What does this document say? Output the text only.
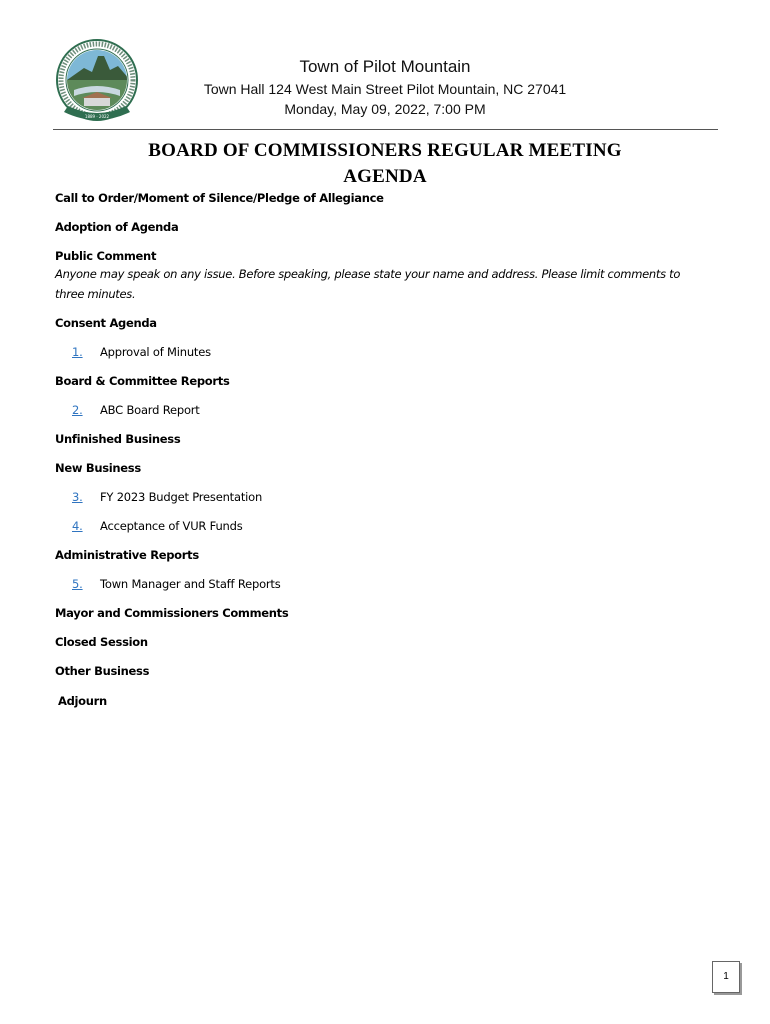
1889 · 2022
Town of Pilot Mountain
Town Hall 124 West Main Street Pilot Mountain, NC 27041
Monday, May 09, 2022, 7:00 PM
BOARD OF COMMISSIONERS REGULAR MEETING
AGENDA
Call to Order/Moment of Silence/Pledge of Allegiance
Adoption of Agenda
Public Comment
Anyone may speak on any issue. Before speaking, please state your name and address. Please limit comments to three minutes.
Consent Agenda
1. Approval of Minutes
Board & Committee Reports
2. ABC Board Report
Unfinished Business
New Business
3. FY 2023 Budget Presentation
4. Acceptance of VUR Funds
Administrative Reports
5. Town Manager and Staff Reports
Mayor and Commissioners Comments
Closed Session
Other Business
Adjourn
1
